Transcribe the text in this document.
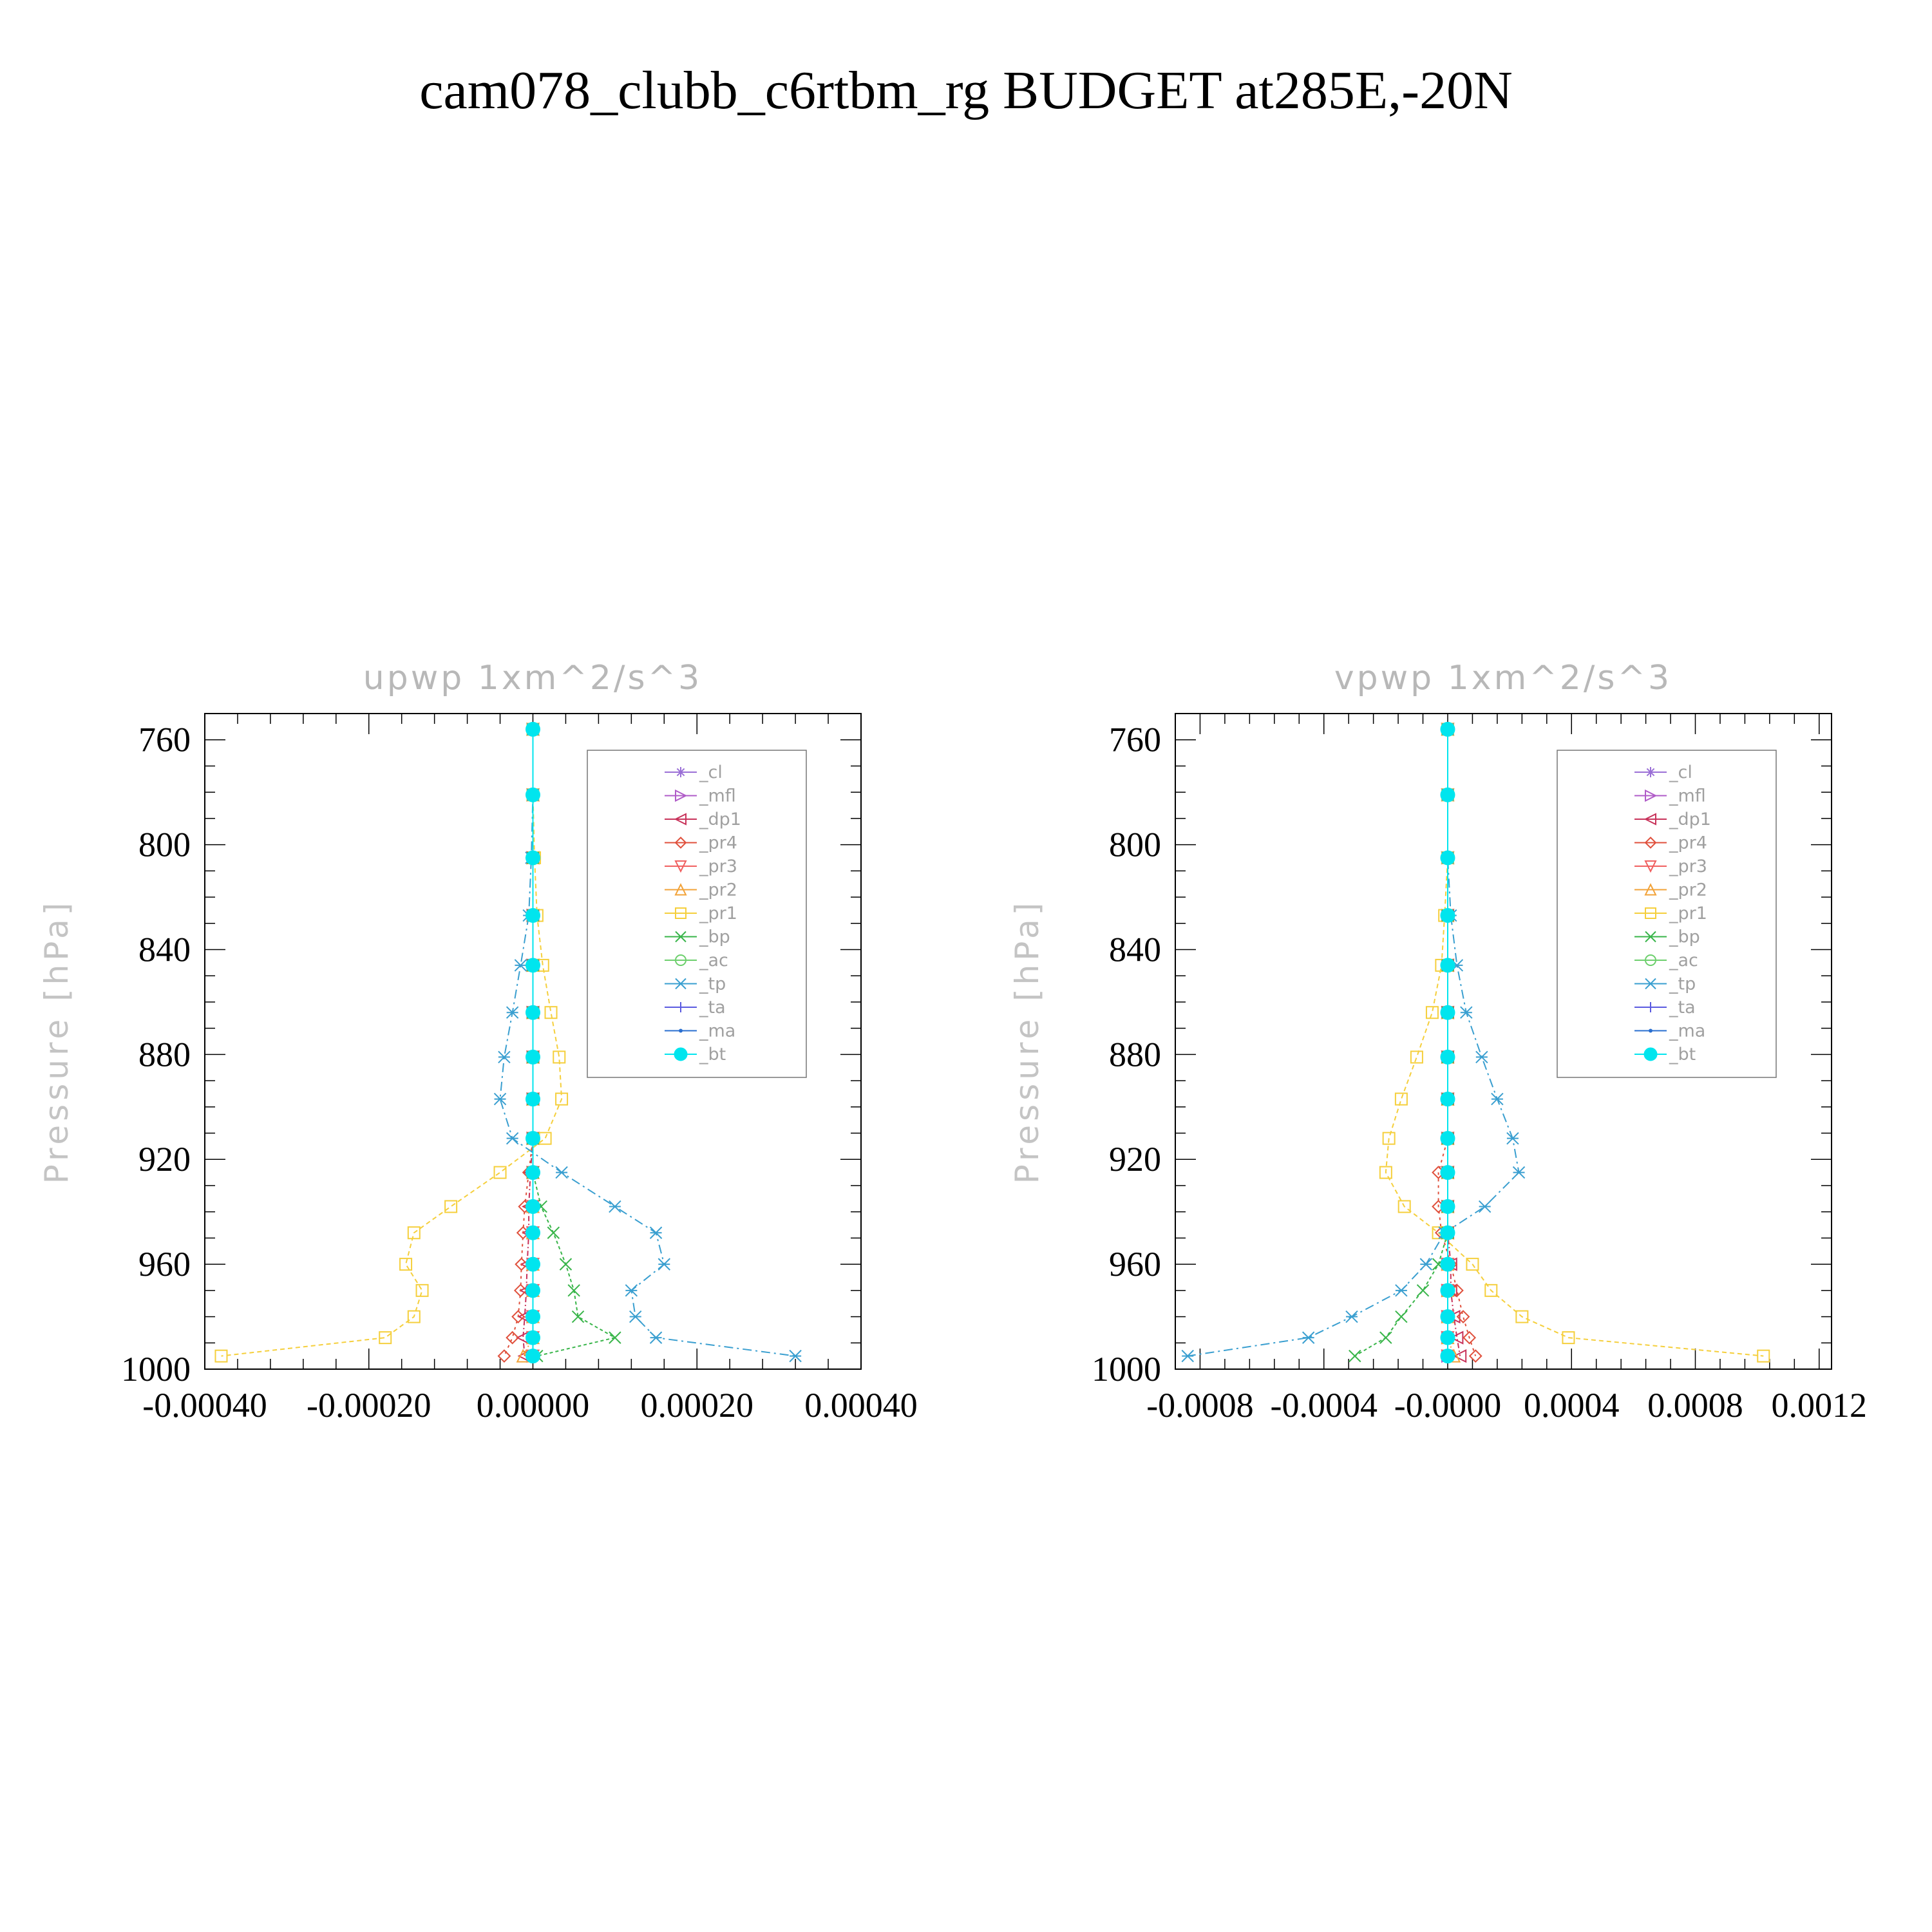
cam078_clubb_c6rtbm_rg BUDGET at285E,-20N
upwp 1xm^2/s^3
Pressure [hPa]
760
800
840
880
920
960
1000
-0.00040 -0.00020 0.00000 0.00020 0.00040
_cl
_mfl
_dp1
_pr4
_pr3
_pr2
_pr1
_bp
_ac
_tp
_ta
_ma
_bt
vpwp 1xm^2/s^3
Pressure [hPa]
760
800
840
880
920
960
1000
-0.0008 -0.0004 -0.0000 0.0004 0.0008 0.0012
_cl
_mfl
_dp1
_pr4
_pr3
_pr2
_pr1
_bp
_ac
_tp
_ta
_ma
_bt
